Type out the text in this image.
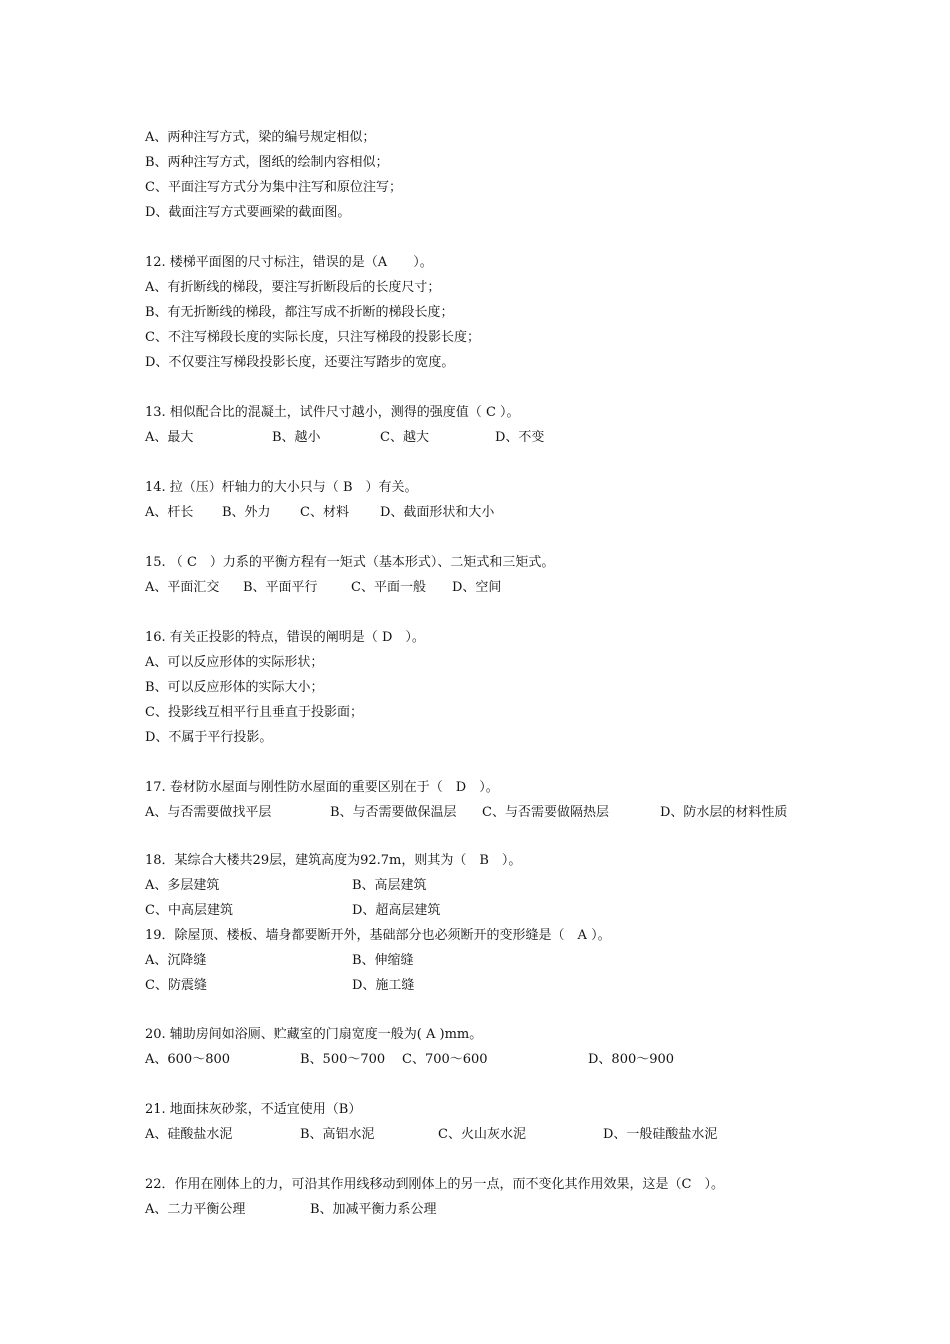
A、两种注写方式，梁的编号规定相似；
B、两种注写方式，图纸的绘制内容相似；
C、平面注写方式分为集中注写和原位注写；
D、截面注写方式要画梁的截面图。
12. 楼梯平面图的尺寸标注，错误的是（A　　）。
A、有折断线的梯段，要注写折断段后的长度尺寸；
B、有无折断线的梯段，都注写成不折断的梯段长度；
C、不注写梯段长度的实际长度，只注写梯段的投影长度；
D、不仅要注写梯段投影长度，还要注写踏步的宽度。
13. 相似配合比的混凝土，试件尺寸越小，测得的强度值（ C ）。
A、最大	B、越小	C、越大	D、不变
14. 拉（压）杆轴力的大小只与（ B　）有关。
A、杆长 B、外力 C、材料 D、截面形状和大小
15. （ C　）力系的平衡方程有一矩式（基本形式）、二矩式和三矩式。
A、平面汇交 B、平面平行	C、平面一般 D、空间
16. 有关正投影的特点，错误的阐明是（ D　）。
A、可以反应形体的实际形状；
B、可以反应形体的实际大小；
C、投影线互相平行且垂直于投影面；
D、不属于平行投影。
17. 卷材防水屋面与刚性防水屋面的重要区别在于（　D　）。
A、与否需要做找平层	B、与否需要做保温层 C、与否需要做隔热层	D、防水层的材料性质
18．某综合大楼共29层，建筑高度为92.7m，则其为（　B　）。
A、多层建筑	B、高层建筑
C、中高层建筑	D、超高层建筑
19．除屋顶、楼板、墙身都要断开外，基础部分也必须断开的变形缝是（　A ）。
A、沉降缝	B、伸缩缝
C、防震缝	D、施工缝
20. 辅助房间如浴厕、贮藏室的门扇宽度一般为( A )mm。
A、600～800	B、500～700 C、700～600	D、800～900
21. 地面抹灰砂浆，不适宜使用（B）
A、硅酸盐水泥	B、高铝水泥	C、火山灰水泥	D、一般硅酸盐水泥
22．作用在刚体上的力，可沿其作用线移动到刚体上的另一点，而不变化其作用效果，这是（C　）。
A、二力平衡公理	B、加减平衡力系公理
